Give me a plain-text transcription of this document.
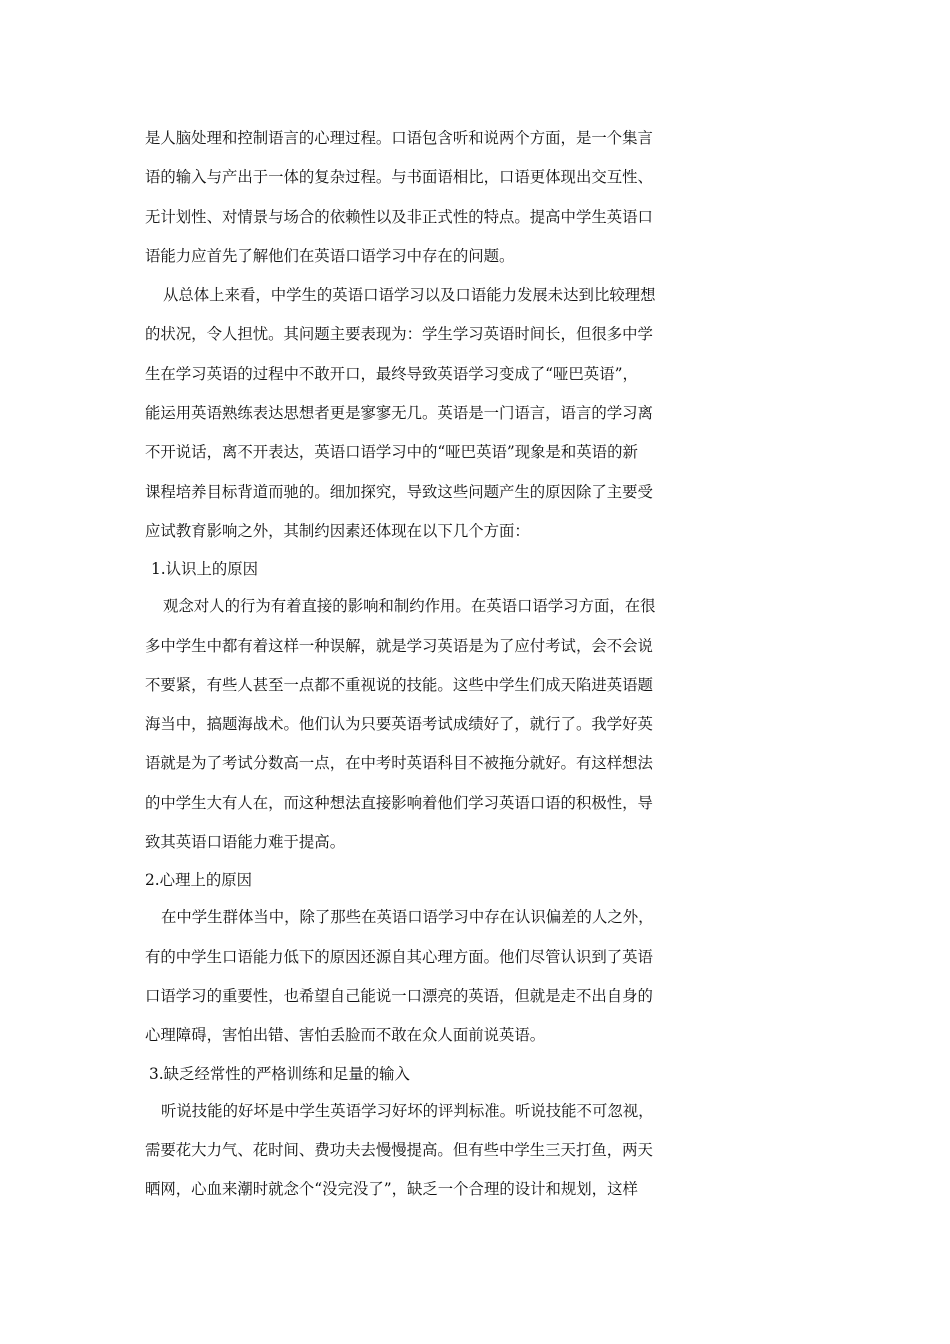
是人脑处理和控制语言的心理过程。口语包含听和说两个方面，是一个集言
语的输入与产出于一体的复杂过程。与书面语相比，口语更体现出交互性、
无计划性、对情景与场合的依赖性以及非正式性的特点。提高中学生英语口
语能力应首先了解他们在英语口语学习中存在的问题。
从总体上来看，中学生的英语口语学习以及口语能力发展未达到比较理想
的状况，令人担忧。其问题主要表现为：学生学习英语时间长，但很多中学
生在学习英语的过程中不敢开口，最终导致英语学习变成了“哑巴英语”，
能运用英语熟练表达思想者更是寥寥无几。英语是一门语言，语言的学习离
不开说话，离不开表达，英语口语学习中的“哑巴英语”现象是和英语的新
课程培养目标背道而驰的。细加探究，导致这些问题产生的原因除了主要受
应试教育影响之外，其制约因素还体现在以下几个方面：
1.认识上的原因
观念对人的行为有着直接的影响和制约作用。在英语口语学习方面，在很
多中学生中都有着这样一种误解，就是学习英语是为了应付考试，会不会说
不要紧，有些人甚至一点都不重视说的技能。这些中学生们成天陷进英语题
海当中，搞题海战术。他们认为只要英语考试成绩好了，就行了。我学好英
语就是为了考试分数高一点，在中考时英语科目不被拖分就好。有这样想法
的中学生大有人在，而这种想法直接影响着他们学习英语口语的积极性，导
致其英语口语能力难于提高。
2.心理上的原因
在中学生群体当中，除了那些在英语口语学习中存在认识偏差的人之外，
有的中学生口语能力低下的原因还源自其心理方面。他们尽管认识到了英语
口语学习的重要性，也希望自己能说一口漂亮的英语，但就是走不出自身的
心理障碍，害怕出错、害怕丢脸而不敢在众人面前说英语。
3.缺乏经常性的严格训练和足量的输入
听说技能的好坏是中学生英语学习好坏的评判标准。听说技能不可忽视，
需要花大力气、花时间、费功夫去慢慢提高。但有些中学生三天打鱼，两天
晒网，心血来潮时就念个“没完没了”，缺乏一个合理的设计和规划，这样
